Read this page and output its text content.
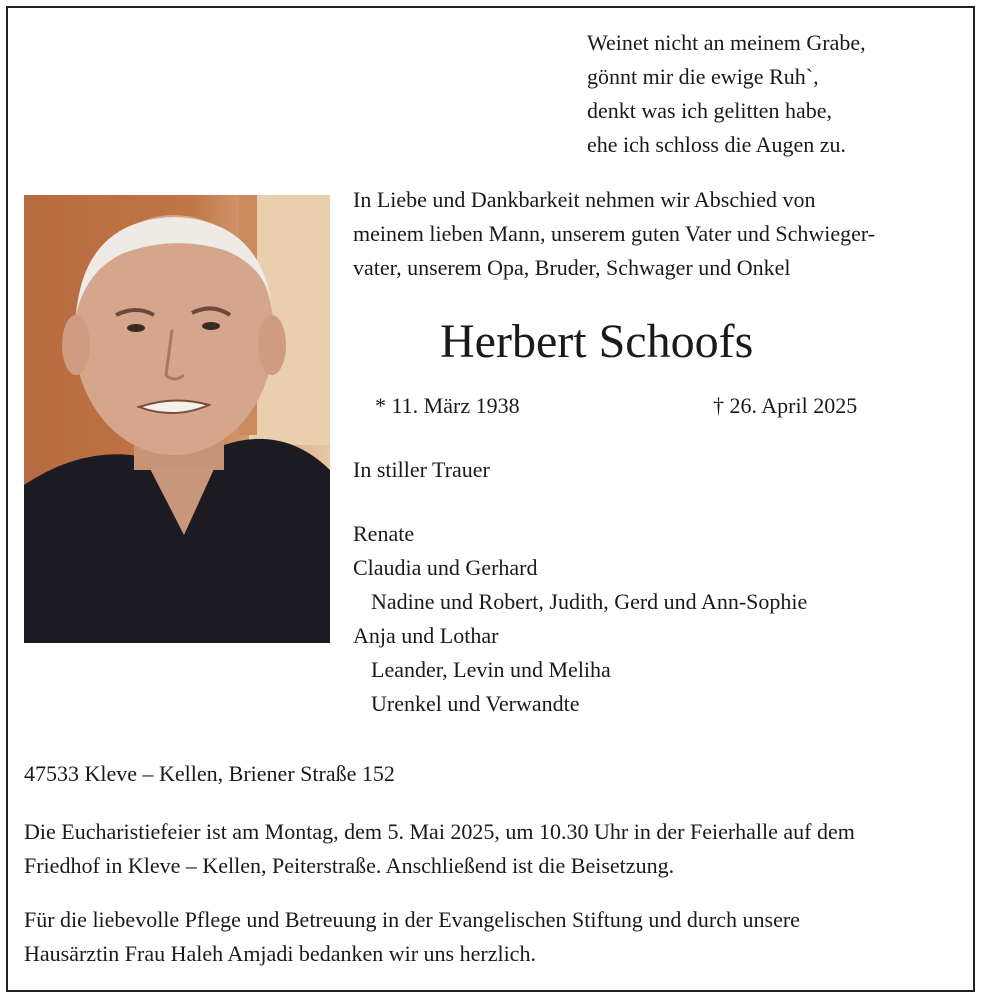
Weinet nicht an meinem Grabe,
gönnt mir die ewige Ruh`,
denkt was ich gelitten habe,
ehe ich schloss die Augen zu.
In Liebe und Dankbarkeit nehmen wir Abschied von
meinem lieben Mann, unserem guten Vater und Schwieger-
vater, unserem Opa, Bruder, Schwager und Onkel
Herbert Schoofs
* 11. März 1938	† 26. April 2025
In stiller Trauer
Renate
Claudia und Gerhard
Nadine und Robert, Judith, Gerd und Ann-Sophie
Anja und Lothar
Leander, Levin und Meliha
Urenkel und Verwandte
47533 Kleve – Kellen, Briener Straße 152
Die Eucharistiefeier ist am Montag, dem 5. Mai 2025, um 10.30 Uhr in der Feierhalle auf dem
Friedhof in Kleve – Kellen, Peiterstraße. Anschließend ist die Beisetzung.
Für die liebevolle Pflege und Betreuung in der Evangelischen Stiftung und durch unsere
Hausärztin Frau Haleh Amjadi bedanken wir uns herzlich.
